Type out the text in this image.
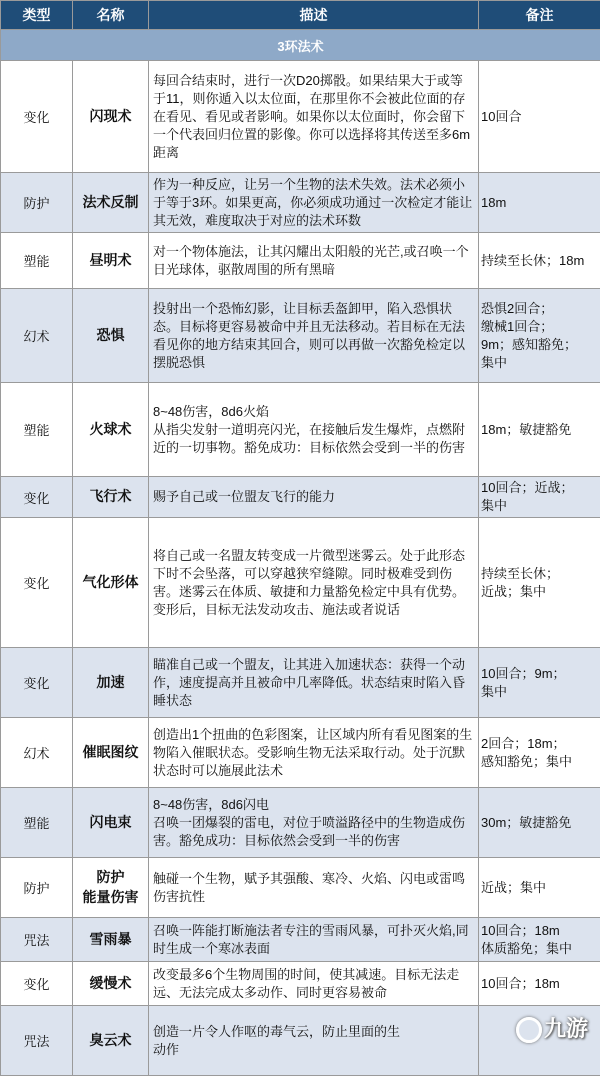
类型	名称	描述	备注
3环法术			
变化	闪现术	每回合结束时，进行一次D20掷骰。如果结果大于或等于11，则你遁入以太位面，在那里你不会被此位面的存在看见、看见或者影响。如果你以太位面时，你会留下一个代表回归位置的影像。你可以选择将其传送至多6m距离	10回合

防护	法术反制	作为一种反应，让另一个生物的法术失效。法术必须小于等于3环。如果更高，你必须成功通过一次检定才能让其无效，难度取决于对应的法术环数	18m

塑能	昼明术	对一个物体施法，让其闪耀出太阳般的光芒,或召唤一个日光球体，驱散周围的所有黑暗	持续至长休；18m

幻术	恐惧	投射出一个恐怖幻影，让目标丢盔卸甲，陷入恐惧状态。目标将更容易被命中并且无法移动。若目标在无法看见你的地方结束其回合，则可以再做一次豁免检定以摆脱恐惧	恐惧2回合；
缴械1回合；
9m；感知豁免；
集中

塑能	火球术	8~48伤害，8d6火焰
从指尖发射一道明亮闪光，在接触后发生爆炸，点燃附近的一切事物。豁免成功：目标依然会受到一半的伤害	18m；敏捷豁免

变化	飞行术	赐予自己或一位盟友飞行的能力	10回合；近战；
集中

变化	气化形体	将自己或一名盟友转变成一片微型迷雾云。处于此形态下时不会坠落，可以穿越狭窄缝隙。同时极难受到伤害。迷雾云在体质、敏捷和力量豁免检定中具有优势。变形后，目标无法发动攻击、施法或者说话	持续至长休；
近战；集中

变化	加速	瞄准自己或一个盟友，让其进入加速状态：获得一个动作，速度提高并且被命中几率降低。状态结束时陷入昏睡状态	10回合；9m；
集中

幻术	催眠图纹	创造出1个扭曲的色彩图案，让区域内所有看见图案的生物陷入催眠状态。受影响生物无法采取行动。处于沉默状态时可以施展此法术	2回合；18m；
感知豁免；集中

塑能	闪电束	8~48伤害，8d6闪电
召唤一团爆裂的雷电，对位于喷溢路径中的生物造成伤害。豁免成功：目标依然会受到一半的伤害	30m；敏捷豁免

防护	防护
能量伤害	触碰一个生物，赋予其强酸、寒冷、火焰、闪电或雷鸣伤害抗性	近战；集中

咒法	雪雨暴	召唤一阵能打断施法者专注的雪雨风暴，可扑灭火焰,同时生成一个寒冰表面	10回合；18m
体质豁免；集中

变化	缓慢术	改变最多6个生物周围的时间，使其减速。目标无法走远、无法完成太多动作、同时更容易被命	10回合；18m

咒法	臭云术	创造一片令人作呕的毒气云，防止里面的生
动作	

九游
